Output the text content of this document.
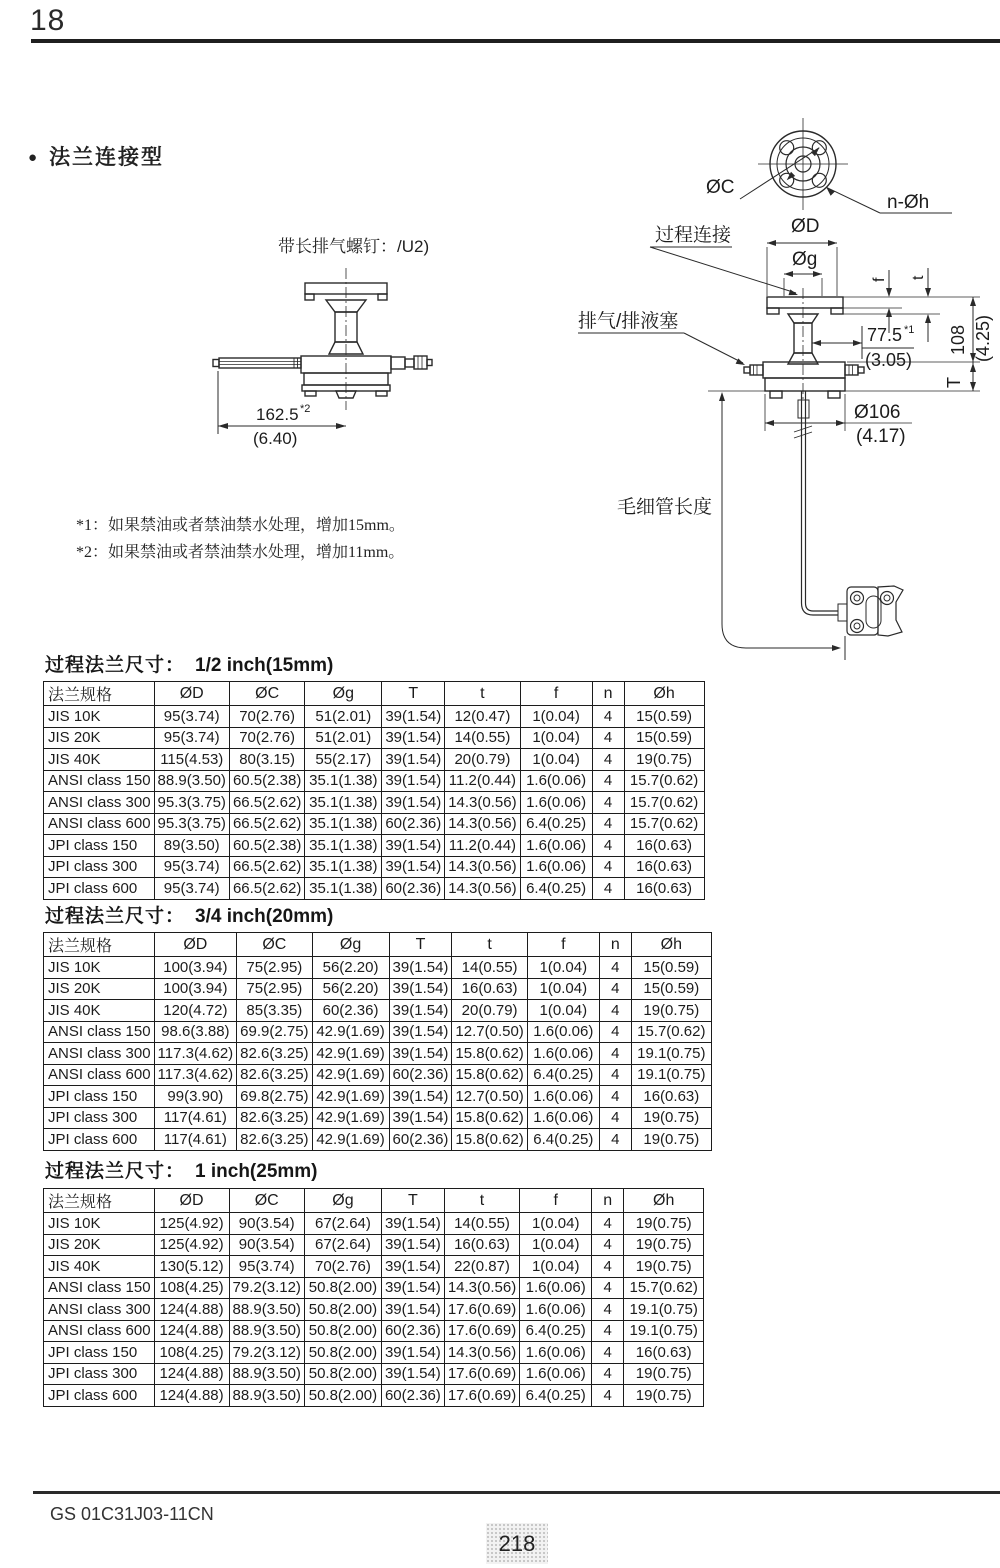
18
● 法兰连接型
带长排气螺钉：/U2)
162.5 *2
(6.40)
ØC
n-Øh
ØD
Øg
过程连接
f t
77.5 *1
(3.05)
108 (4.25)
T
排气/排液塞
Ø106
(4.17)
毛细管长度
*1：如果禁油或者禁油禁水处理，增加15mm。
*2：如果禁油或者禁油禁水处理，增加11mm。
过程法兰尺寸： 1/2 inch(15mm)
法兰规格	ØD	ØC	Øg	T	t	f	n	Øh
JIS 10K	95(3.74)	70(2.76)	51(2.01)	39(1.54)	12(0.47)	1(0.04)	4	15(0.59)
JIS 20K	95(3.74)	70(2.76)	51(2.01)	39(1.54)	14(0.55)	1(0.04)	4	15(0.59)
JIS 40K	115(4.53)	80(3.15)	55(2.17)	39(1.54)	20(0.79)	1(0.04)	4	19(0.75)
ANSI class 150	88.9(3.50)	60.5(2.38)	35.1(1.38)	39(1.54)	11.2(0.44)	1.6(0.06)	4	15.7(0.62)
ANSI class 300	95.3(3.75)	66.5(2.62)	35.1(1.38)	39(1.54)	14.3(0.56)	1.6(0.06)	4	15.7(0.62)
ANSI class 600	95.3(3.75)	66.5(2.62)	35.1(1.38)	60(2.36)	14.3(0.56)	6.4(0.25)	4	15.7(0.62)
JPI class 150	89(3.50)	60.5(2.38)	35.1(1.38)	39(1.54)	11.2(0.44)	1.6(0.06)	4	16(0.63)
JPI class 300	95(3.74)	66.5(2.62)	35.1(1.38)	39(1.54)	14.3(0.56)	1.6(0.06)	4	16(0.63)
JPI class 600	95(3.74)	66.5(2.62)	35.1(1.38)	60(2.36)	14.3(0.56)	6.4(0.25)	4	16(0.63)
过程法兰尺寸： 3/4 inch(20mm)
法兰规格	ØD	ØC	Øg	T	t	f	n	Øh
JIS 10K	100(3.94)	75(2.95)	56(2.20)	39(1.54)	14(0.55)	1(0.04)	4	15(0.59)
JIS 20K	100(3.94)	75(2.95)	56(2.20)	39(1.54)	16(0.63)	1(0.04)	4	15(0.59)
JIS 40K	120(4.72)	85(3.35)	60(2.36)	39(1.54)	20(0.79)	1(0.04)	4	19(0.75)
ANSI class 150	98.6(3.88)	69.9(2.75)	42.9(1.69)	39(1.54)	12.7(0.50)	1.6(0.06)	4	15.7(0.62)
ANSI class 300	117.3(4.62)	82.6(3.25)	42.9(1.69)	39(1.54)	15.8(0.62)	1.6(0.06)	4	19.1(0.75)
ANSI class 600	117.3(4.62)	82.6(3.25)	42.9(1.69)	60(2.36)	15.8(0.62)	6.4(0.25)	4	19.1(0.75)
JPI class 150	99(3.90)	69.8(2.75)	42.9(1.69)	39(1.54)	12.7(0.50)	1.6(0.06)	4	16(0.63)
JPI class 300	117(4.61)	82.6(3.25)	42.9(1.69)	39(1.54)	15.8(0.62)	1.6(0.06)	4	19(0.75)
JPI class 600	117(4.61)	82.6(3.25)	42.9(1.69)	60(2.36)	15.8(0.62)	6.4(0.25)	4	19(0.75)
过程法兰尺寸： 1 inch(25mm)
法兰规格	ØD	ØC	Øg	T	t	f	n	Øh
JIS 10K	125(4.92)	90(3.54)	67(2.64)	39(1.54)	14(0.55)	1(0.04)	4	19(0.75)
JIS 20K	125(4.92)	90(3.54)	67(2.64)	39(1.54)	16(0.63)	1(0.04)	4	19(0.75)
JIS 40K	130(5.12)	95(3.74)	70(2.76)	39(1.54)	22(0.87)	1(0.04)	4	19(0.75)
ANSI class 150	108(4.25)	79.2(3.12)	50.8(2.00)	39(1.54)	14.3(0.56)	1.6(0.06)	4	15.7(0.62)
ANSI class 300	124(4.88)	88.9(3.50)	50.8(2.00)	39(1.54)	17.6(0.69)	1.6(0.06)	4	19.1(0.75)
ANSI class 600	124(4.88)	88.9(3.50)	50.8(2.00)	60(2.36)	17.6(0.69)	6.4(0.25)	4	19.1(0.75)
JPI class 150	108(4.25)	79.2(3.12)	50.8(2.00)	39(1.54)	14.3(0.56)	1.6(0.06)	4	16(0.63)
JPI class 300	124(4.88)	88.9(3.50)	50.8(2.00)	39(1.54)	17.6(0.69)	1.6(0.06)	4	19(0.75)
JPI class 600	124(4.88)	88.9(3.50)	50.8(2.00)	60(2.36)	17.6(0.69)	6.4(0.25)	4	19(0.75)
GS 01C31J03-11CN
218
